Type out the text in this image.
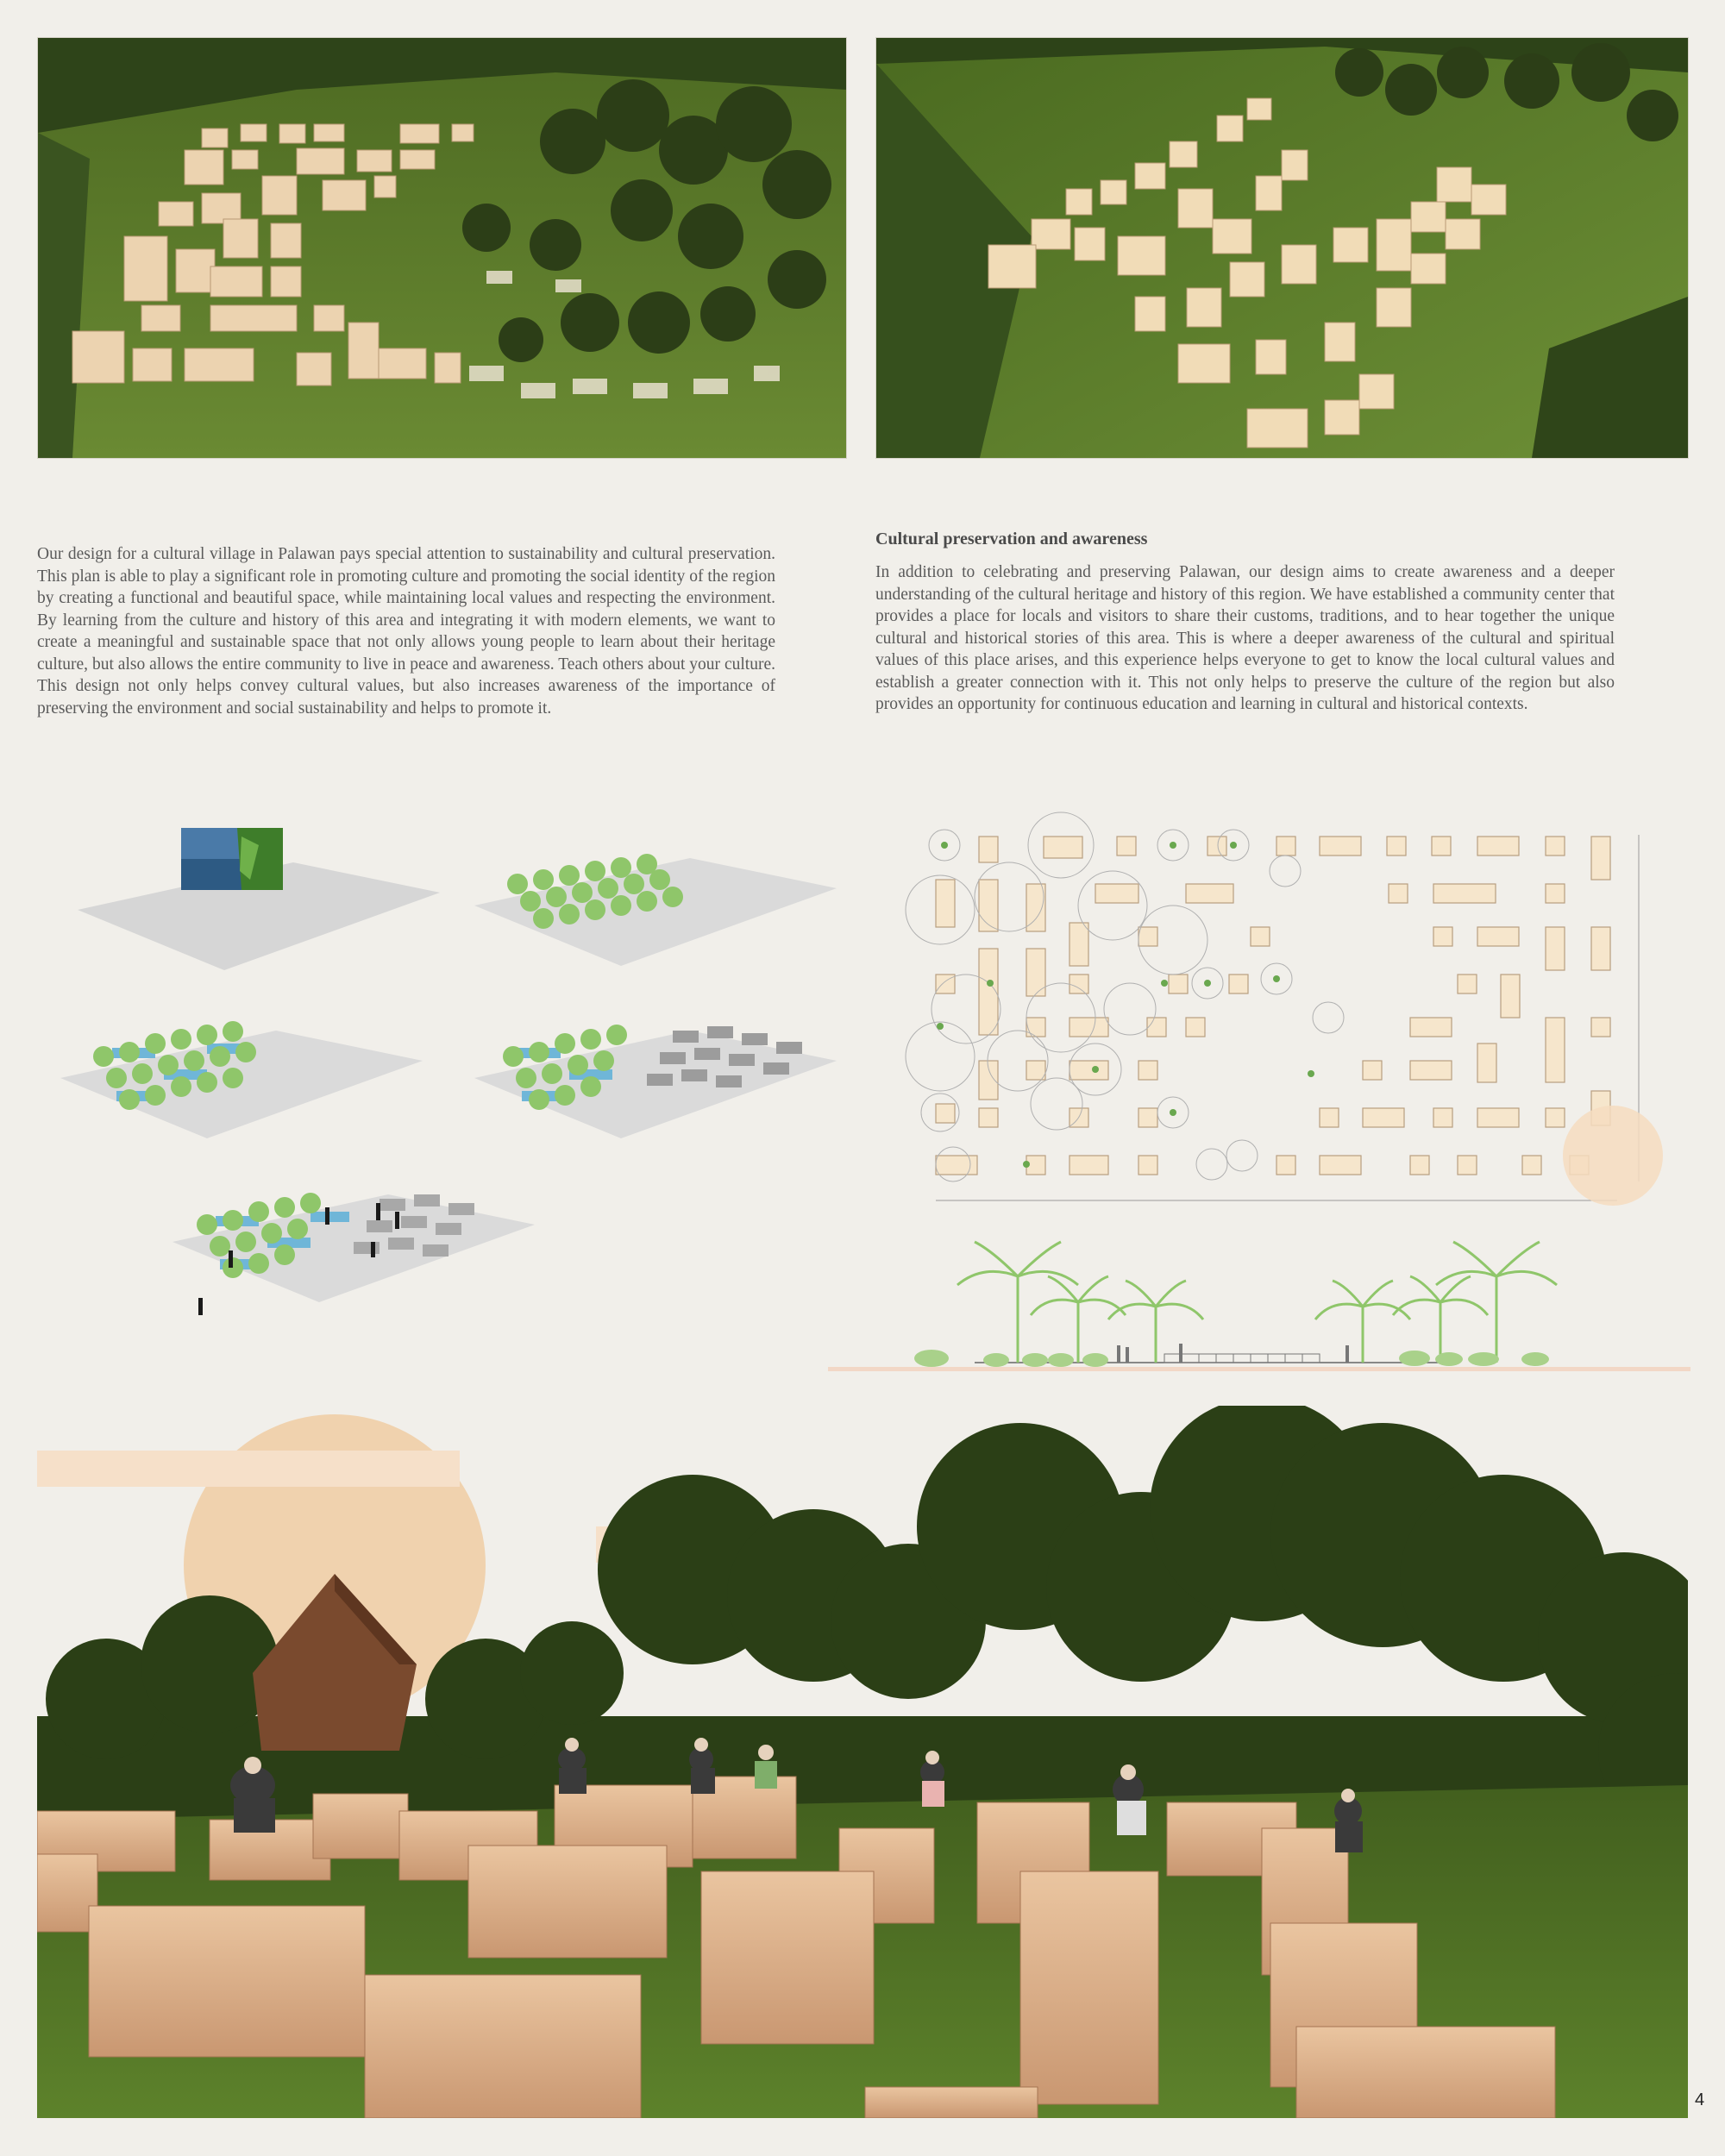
Our design for a cultural village in Palawan pays special attention to sustainability and cultural preservation. This plan is able to play a significant role in promoting culture and promoting the social identity of the region by creating a functional and beautiful space, while maintaining local values and respecting the environment. By learning from the culture and history of this area and integrating it with modern elements, we want to create a meaningful and sustainable space that not only allows young people to learn about their heritage culture, but also allows the entire community to live in peace and awareness. Teach others about your culture. This design not only helps convey cultural values, but also increases awareness of the importance of preserving the environment and social sustainability and helps to promote it.
Cultural preservation and awareness
In addition to celebrating and preserving Palawan, our design aims to create awareness and a deeper understanding of the cultural heritage and history of this region. We have established a community center that provides a place for locals and visitors to share their customs, traditions, and to hear together the unique cultural and historical stories of this area. This is where a deeper awareness of the cultural and spiritual values of this place arises, and this experience helps everyone to get to know the local cultural values and establish a greater connection with it. This not only helps to preserve the culture of the region but also provides an opportunity for continuous education and learning in cultural and historical contexts.
4
